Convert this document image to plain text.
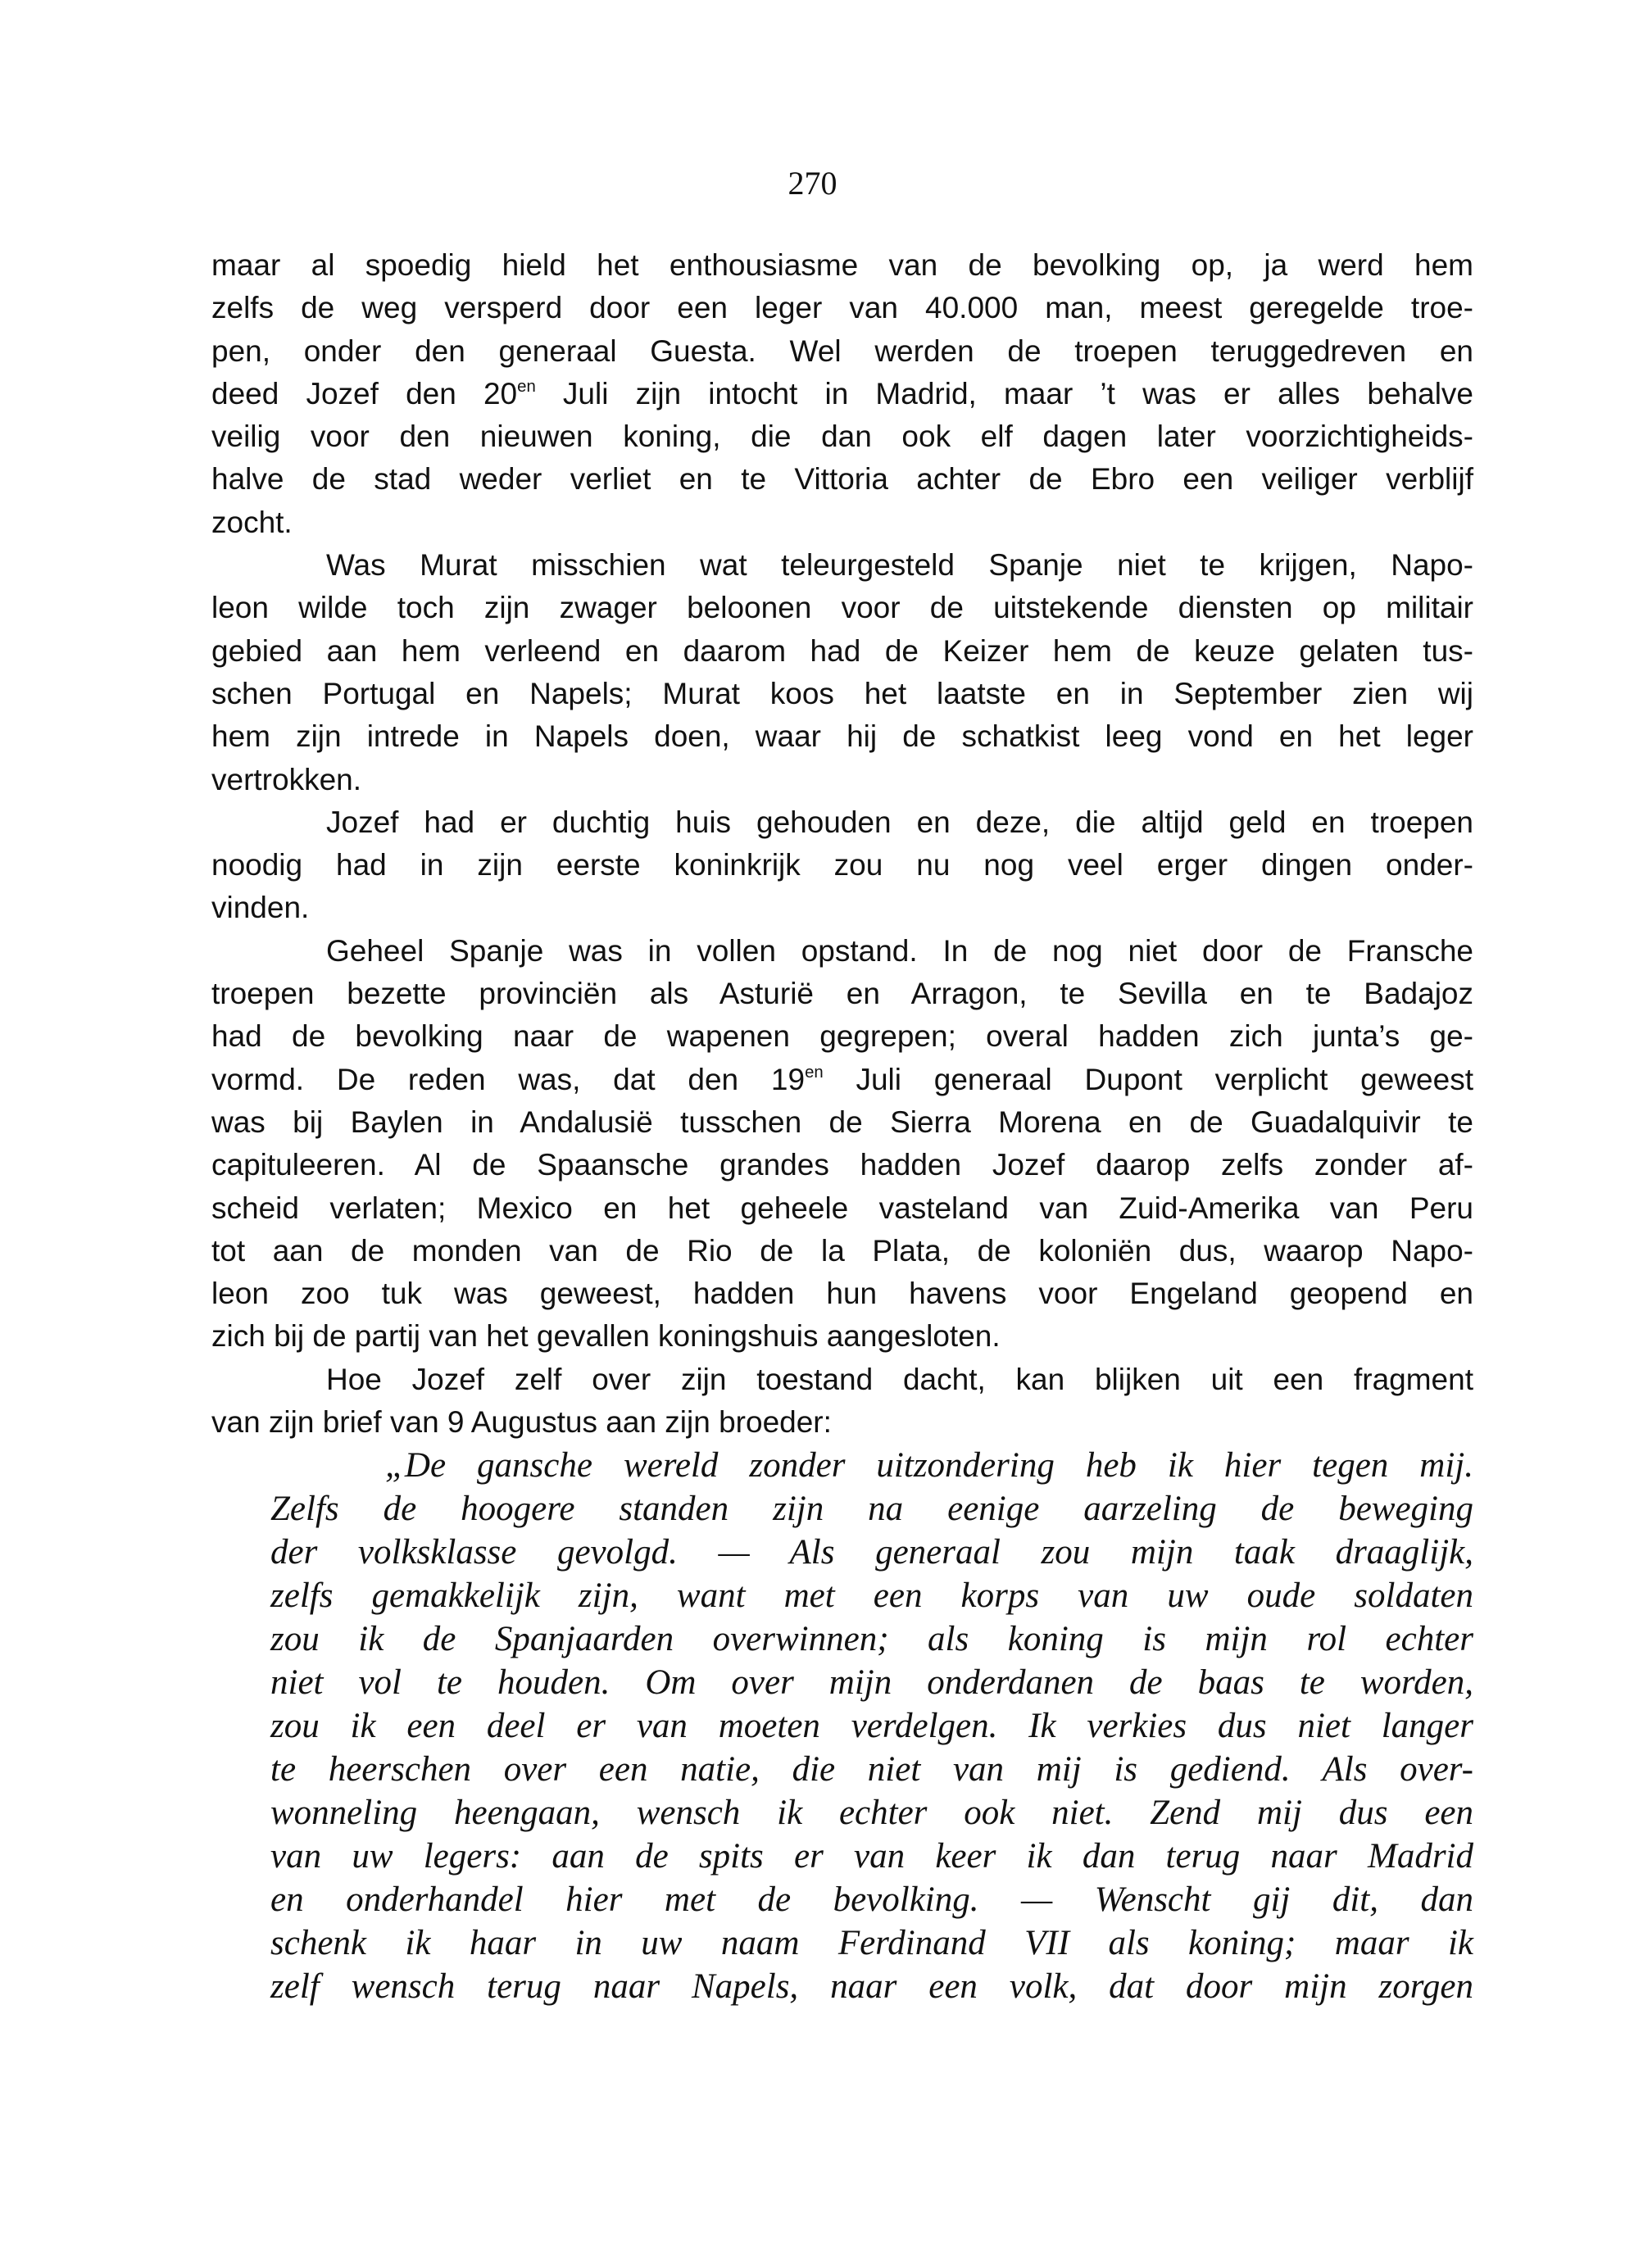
270
maar al spoedig hield het enthousiasme van de bevolking op, ja werd hem
zelfs de weg versperd door een leger van 40.000 man, meest geregelde troe-
pen, onder den generaal Guesta. Wel werden de troepen teruggedreven en
deed Jozef den $20^{en}$ Juli zijn intocht in Madrid, maar ’t was er alles behalve
veilig voor den nieuwen koning, die dan ook elf dagen later voorzichtigheids-
halve de stad weder verliet en te Vittoria achter de Ebro een veiliger verblijf
zocht.
Was Murat misschien wat teleurgesteld Spanje niet te krijgen, Napo-
leon wilde toch zijn zwager beloonen voor de uitstekende diensten op militair
gebied aan hem verleend en daarom had de Keizer hem de keuze gelaten tus-
schen Portugal en Napels; Murat koos het laatste en in September zien wij
hem zijn intrede in Napels doen, waar hij de schatkist leeg vond en het leger
vertrokken.
Jozef had er duchtig huis gehouden en deze, die altijd geld en troepen
noodig had in zijn eerste koninkrijk zou nu nog veel erger dingen onder-
vinden.
Geheel Spanje was in vollen opstand. In de nog niet door de Fransche
troepen bezette provinciën als Asturië en Arragon, te Sevilla en te Badajoz
had de bevolking naar de wapenen gegrepen; overal hadden zich junta’s ge-
vormd. De reden was, dat den $19^{en}$ Juli generaal Dupont verplicht geweest
was bij Baylen in Andalusië tusschen de Sierra Morena en de Guadalquivir te
capituleeren. Al de Spaansche grandes hadden Jozef daarop zelfs zonder af-
scheid verlaten; Mexico en het geheele vasteland van Zuid-Amerika van Peru
tot aan de monden van de Rio de la Plata, de koloniën dus, waarop Napo-
leon zoo tuk was geweest, hadden hun havens voor Engeland geopend en
zich bij de partij van het gevallen koningshuis aangesloten.
Hoe Jozef zelf over zijn toestand dacht, kan blijken uit een fragment
van zijn brief van 9 Augustus aan zijn broeder:
„De gansche wereld zonder uitzondering heb ik hier tegen mij.
Zelfs de hoogere standen zijn na eenige aarzeling de beweging
der volksklasse gevolgd. — Als generaal zou mijn taak draaglijk,
zelfs gemakkelijk zijn, want met een korps van uw oude soldaten
zou ik de Spanjaarden overwinnen; als koning is mijn rol echter
niet vol te houden. Om over mijn onderdanen de baas te worden,
zou ik een deel er van moeten verdelgen. Ik verkies dus niet langer
te heerschen over een natie, die niet van mij is gediend. Als over-
wonneling heengaan, wensch ik echter ook niet. Zend mij dus een
van uw legers: aan de spits er van keer ik dan terug naar Madrid
en onderhandel hier met de bevolking. — Wenscht gij dit, dan
schenk ik haar in uw naam Ferdinand VII als koning; maar ik
zelf wensch terug naar Napels, naar een volk, dat door mijn zorgen
